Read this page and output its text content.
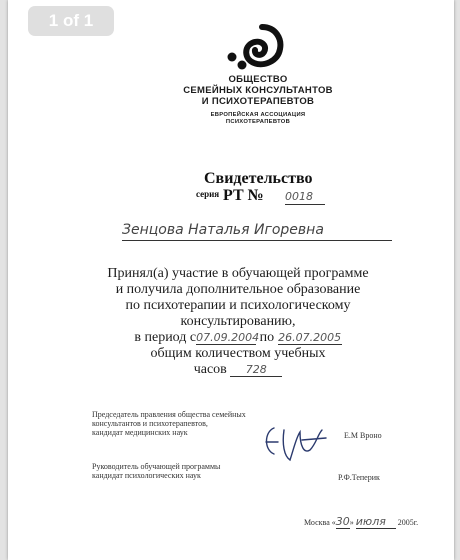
1 of 1
ОБЩЕСТВО
СЕМЕЙНЫХ КОНСУЛЬТАНТОВ
И ПСИХОТЕРАПЕВТОВ
ЕВРОПЕЙСКАЯ АССОЦИАЦИЯ
ПСИХОТЕРАПЕВТОВ
Свидетельство
серия РТ № 0018
Зенцова Наталья Игоревна
Принял(а) участие в обучающей программе
и получила дополнительное образование
по психотерапии и психологическому
консультированию,
в период с07.09.2004 по 26.07.2005
общим количеством учебных
часов 728
Председатель правления общества семейных
консультантов и психотерапевтов,
кандидат медицинских наук	Е.М Вроно
Руководитель обучающей программы
кандидат психологических наук	Р.Ф.Теперик
Москва «30» июля 2005г.
